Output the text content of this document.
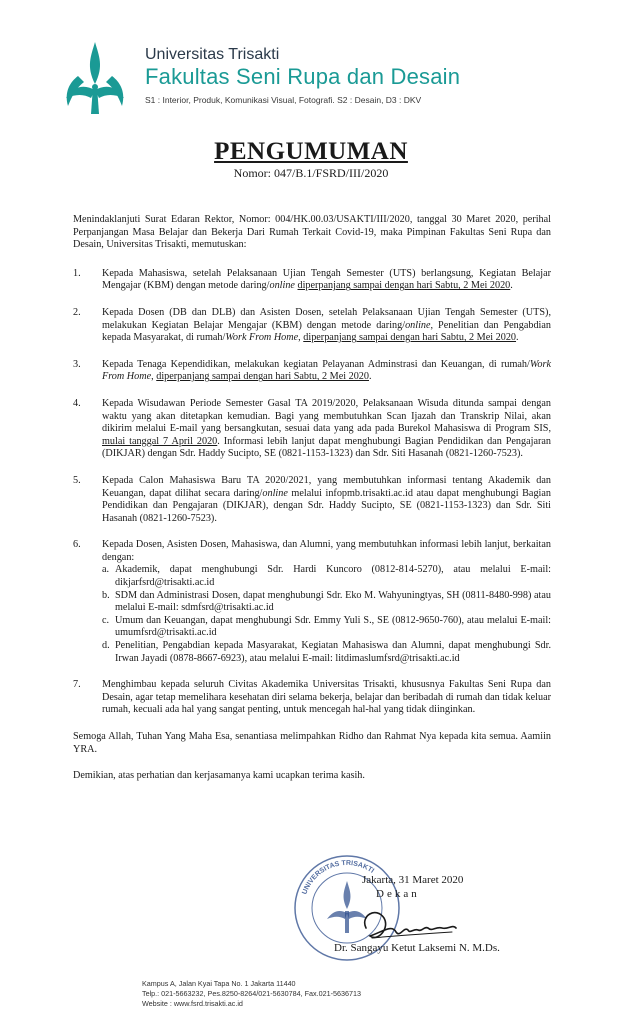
Universitas Trisakti
Fakultas Seni Rupa dan Desain
S1 : Interior, Produk, Komunikasi Visual, Fotografi. S2 : Desain, D3 : DKV
PENGUMUMAN
Nomor: 047/B.1/FSRD/III/2020

Menindaklanjuti Surat Edaran Rektor, Nomor: 004/HK.00.03/USAKTI/III/2020, tanggal 30 Maret 2020, perihal Perpanjangan Masa Belajar dan Bekerja Dari Rumah Terkait Covid-19, maka Pimpinan Fakultas Seni Rupa dan Desain, Universitas Trisakti, memutuskan:

1. Kepada Mahasiswa, setelah Pelaksanaan Ujian Tengah Semester (UTS) berlangsung, Kegiatan Belajar Mengajar (KBM) dengan metode daring/online diperpanjang sampai dengan hari Sabtu, 2 Mei 2020.

2. Kepada Dosen (DB dan DLB) dan Asisten Dosen, setelah Pelaksanaan Ujian Tengah Semester (UTS), melakukan Kegiatan Belajar Mengajar (KBM) dengan metode daring/online, Penelitian dan Pengabdian kepada Masyarakat, di rumah/Work From Home, diperpanjang sampai dengan hari Sabtu, 2 Mei 2020.

3. Kepada Tenaga Kependidikan, melakukan kegiatan Pelayanan Adminstrasi dan Keuangan, di rumah/Work From Home, diperpanjang sampai dengan hari Sabtu, 2 Mei 2020.

4. Kepada Wisudawan Periode Semester Gasal TA 2019/2020, Pelaksanaan Wisuda ditunda sampai dengan waktu yang akan ditetapkan kemudian. Bagi yang membutuhkan Scan Ijazah dan Transkrip Nilai, akan dikirim melalui E-mail yang bersangkutan, sesuai data yang ada pada Burekol Mahasiswa di Program SIS, mulai tanggal 7 April 2020. Informasi lebih lanjut dapat menghubungi Bagian Pendidikan dan Pengajaran (DIKJAR) dengan Sdr. Haddy Sucipto, SE (0821-1153-1323) dan Sdr. Siti Hasanah (0821-1260-7523).

5. Kepada Calon Mahasiswa Baru TA 2020/2021, yang membutuhkan informasi tentang Akademik dan Keuangan, dapat dilihat secara daring/online melalui infopmb.trisakti.ac.id atau dapat menghubungi Bagian Pendidikan dan Pengajaran (DIKJAR), dengan Sdr. Haddy Sucipto, SE (0821-1153-1323) dan Sdr. Siti Hasanah (0821-1260-7523).

6. Kepada Dosen, Asisten Dosen, Mahasiswa, dan Alumni, yang membutuhkan informasi lebih lanjut, berkaitan dengan:

a. Akademik, dapat menghubungi Sdr. Hardi Kuncoro (0812-814-5270), atau melalui E-mail: dikjarfsrd@trisakti.ac.id

b. SDM dan Administrasi Dosen, dapat menghubungi Sdr. Eko M. Wahyuningtyas, SH (0811-8480-998) atau melalui E-mail: sdmfsrd@trisakti.ac.id

c. Umum dan Keuangan, dapat menghubungi Sdr. Emmy Yuli S., SE (0812-9650-760), atau melalui E-mail: umumfsrd@trisakti.ac.id

d. Penelitian, Pengabdian kepada Masyarakat, Kegiatan Mahasiswa dan Alumni, dapat menghubungi Sdr. Irwan Jayadi (0878-8667-6923), atau melalui E-mail: litdimaslumfsrd@trisakti.ac.id

7. Menghimbau kepada seluruh Civitas Akademika Universitas Trisakti, khususnya Fakultas Seni Rupa dan Desain, agar tetap memelihara kesehatan diri selama bekerja, belajar dan beribadah di rumah dan tidak keluar rumah, kecuali ada hal yang sangat penting, untuk mencegah hal-hal yang tidak diinginkan.

Semoga Allah, Tuhan Yang Maha Esa, senantiasa melimpahkan Ridho dan Rahmat Nya kepada kita semua. Aamiin YRA.

Demikian, atas perhatian dan kerjasamanya kami ucapkan terima kasih.

UNIVERSITAS TRISAKTI
Jakarta, 31 Maret 2020
Dekan
Dr. Sangayu Ketut Laksemi N. M.Ds.
Kampus A, Jalan Kyai Tapa No. 1 Jakarta 11440
Telp.: 021-5663232, Pes.8250-8264/021-5630784, Fax.021-5636713
Website : www.fsrd.trisakti.ac.id
